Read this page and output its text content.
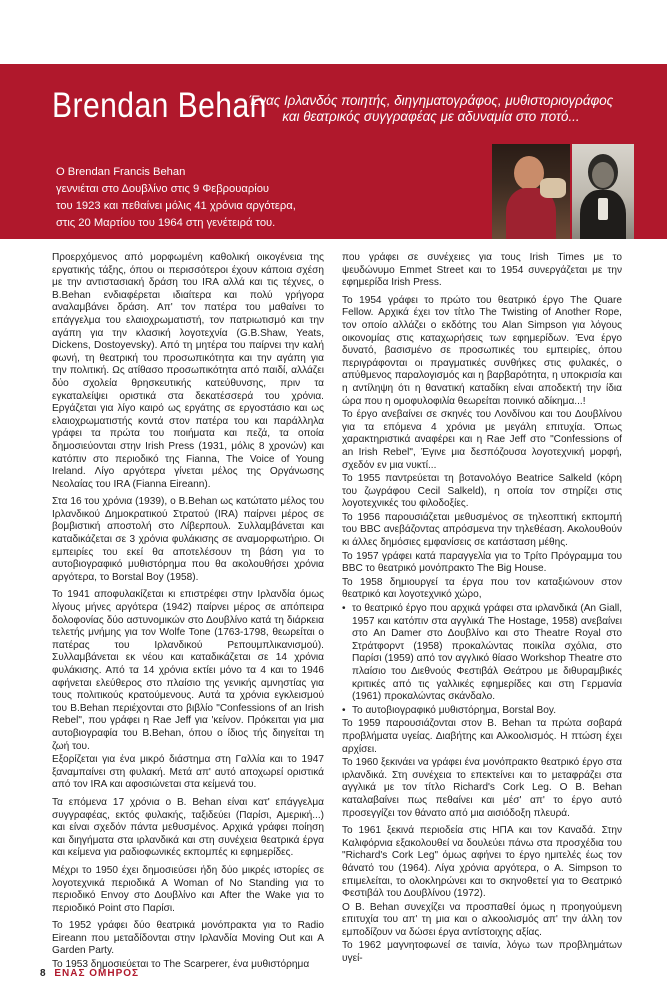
Brendan Behan
Ένας Ιρλανδός ποιητής, διηγηματογράφος, μυθιστοριογράφος
και θεατρικός συγγραφέας με αδυναμία στο ποτό...
Ο Brendan Francis Behan
γεννιέται στο Δουβλίνο στις 9 Φεβρουαρίου
του 1923 και πεθαίνει μόλις 41 χρόνια αργότερα,
στις 20 Μαρτίου του 1964 στη γενέτειρά του.

Προερχόμενος από μορφωμένη καθολική οικογένεια της εργατικής τάξης, όπου οι περισσότεροι έχουν κάποια σχέση με την αντιστασιακή δράση του IRA αλλά και τις τέχνες, ο B.Behan ενδιαφέρεται ιδιαίτερα και πολύ γρήγορα αναλαμβάνει δράση. Απ' τον πατέρα του μαθαίνει το επάγγελμα του ελαιοχρωματιστή, τον πατριωτισμό και την αγάπη για την κλασική λογοτεχνία (G.B.Shaw, Yeats, Dickens, Dostoyevsky). Από τη μητέρα του παίρνει την καλή φωνή, τη θεατρική του προσωπικότητα και την αγάπη για την πολιτική. Ως ατίθασο προσωπικότητα από παιδί, αλλάζει δύο σχολεία θρησκευτικής κατεύθυνσης, πριν τα εγκαταλείψει οριστικά στα δεκατέσσερά του χρόνια. Εργάζεται για λίγο καιρό ως εργάτης σε εργοστάσιο και ως ελαιοχρωματιστής κοντά στον πατέρα του και παράλληλα γράφει τα πρώτα του ποιήματα και πεζά, τα οποία δημοσιεύονται στην Irish Press (1931, μόλις 8 χρονών) και κατόπιν στο περιοδικό της Fianna, The Voice of Young Ireland. Λίγο αργότερα γίνεται μέλος της Οργάνωσης Νεολαίας του IRA (Fianna Eireann).

Στα 16 του χρόνια (1939), ο B.Behan ως κατώτατο μέλος του Ιρλανδικού Δημοκρατικού Στρατού (IRA) παίρνει μέρος σε βομβιστική αποστολή στο Λίβερπουλ. Συλλαμβάνεται και καταδικάζεται σε 3 χρόνια φυλάκισης σε αναμορφωτήριο. Οι εμπειρίες του εκεί θα αποτελέσουν τη βάση για το αυτοβιογραφικό μυθιστόρημα που θα ακολουθήσει χρόνια αργότερα, το Borstal Boy (1958).

Το 1941 αποφυλακίζεται κι επιστρέφει στην Ιρλανδία όμως λίγους μήνες αργότερα (1942) παίρνει μέρος σε απόπειρα δολοφονίας δύο αστυνομικών στο Δουβλίνο κατά τη διάρκεια τελετής μνήμης για τον Wolfe Tone (1763-1798, θεωρείται ο πατέρας του Ιρλανδικού Ρεπουμπλικανισμού). Συλλαμβάνεται εκ νέου και καταδικάζεται σε 14 χρόνια φυλάκισης. Από τα 14 χρόνια εκτίει μόνο τα 4 και το 1946 αφήνεται ελεύθερος στο πλαίσιο της γενικής αμνηστίας για τους πολιτικούς κρατούμενους. Αυτά τα χρόνια εγκλεισμού του B.Behan περιέχονται στο βιβλίο "Confessions of an Irish Rebel", που γράφει η Rae Jeff για 'κείνον. Πρόκειται για μια αυτοβιογραφία του B.Behan, όπου ο ίδιος τής διηγείται τη ζωή του.

Εξορίζεται για ένα μικρό διάστημα στη Γαλλία και το 1947 ξαναμπαίνει στη φυλακή. Μετά απ' αυτό αποχωρεί οριστικά από τον IRA και αφοσιώνεται στα κείμενά του.

Τα επόμενα 17 χρόνια ο B. Behan είναι κατ' επάγγελμα συγγραφέας, εκτός φυλακής, ταξιδεύει (Παρίσι, Αμερική...) και είναι σχεδόν πάντα μεθυσμένος. Αρχικά γράφει ποίηση και διηγήματα στα ιρλανδικά και στη συνέχεια θεατρικά έργα και κείμενα για ραδιοφωνικές εκπομπές κι εφημερίδες.

Μέχρι το 1950 έχει δημοσιεύσει ήδη δύο μικρές ιστορίες σε λογοτεχνικά περιοδικά A Woman of No Standing για το περιοδικό Envoy στο Δουβλίνο και After the Wake για το περιοδικό Point στο Παρίσι.

Το 1952 γράφει δύο θεατρικά μονόπρακτα για το Radio Eireann που μεταδίδονται στην Ιρλανδία Moving Out και A Garden Party.

Το 1953 δημοσιεύεται το The Scarperer, ένα μυθιστόρημα

που γράφει σε συνέχειες για τους Irish Times με το ψευδώνυμο Emmet Street και το 1954 συνεργάζεται με την εφημερίδα Irish Press.

Το 1954 γράφει το πρώτο του θεατρικό έργο The Quare Fellow. Αρχικά έχει τον τίτλο The Twisting of Another Rope, τον οποίο αλλάζει ο εκδότης του Alan Simpson για λόγους οικονομίας στις καταχωρήσεις των εφημερίδων. Ένα έργο δυνατό, βασισμένο σε προσωπικές του εμπειρίες, όπου περιγράφονται οι πραγματικές συνθήκες στις φυλακές, ο απύθμενος παραλογισμός και η βαρβαρότητα, η υποκρισία και η αντίληψη ότι η θανατική καταδίκη είναι αποδεκτή την ίδια ώρα που η ομοφυλοφιλία θεωρείται ποινικό αδίκημα...!

Το έργο ανεβαίνει σε σκηνές του Λονδίνου και του Δουβλίνου για τα επόμενα 4 χρόνια με μεγάλη επιτυχία. Όπως χαρακτηριστικά αναφέρει και η Rae Jeff στο "Confessions of an Irish Rebel", Έγινε μια δεσπόζουσα λογοτεχνική μορφή, σχεδόν εν μια νυκτί...

Το 1955 παντρεύεται τη βοτανολόγο Beatrice Salkeld (κόρη του ζωγράφου Cecil Salkeld), η οποία τον στηρίζει στις λογοτεχνικές του φιλοδοξίες.

Το 1956 παρουσιάζεται μεθυσμένος σε τηλεοπτική εκπομπή του BBC ανεβάζοντας απρόσμενα την τηλεθέαση. Ακολουθούν κι άλλες δημόσιες εμφανίσεις σε κατάσταση μέθης.

Το 1957 γράφει κατά παραγγελία για το Τρίτο Πρόγραμμα του BBC το θεατρικό μονόπρακτο The Big House.

Το 1958 δημιουργεί τα έργα που τον καταξιώνουν στον θεατρικό και λογοτεχνικό χώρο,

• το θεατρικό έργο που αρχικά γράφει στα ιρλανδικά (An Giall, 1957 και κατόπιν στα αγγλικά The Hostage, 1958) ανεβαίνει στο An Damer στο Δουβλίνο και στο Theatre Royal στο Στράτφορντ (1958) προκαλώντας ποικίλα σχόλια, στο Παρίσι (1959) από τον αγγλικό θίασο Workshop Theatre στο πλαίσιο του Διεθνούς Φεστιβάλ Θεάτρου με διθυραμβικές κριτικές από τις γαλλικές εφημερίδες και στη Γερμανία (1961) προκαλώντας σκάνδαλο.

• Το αυτοβιογραφικό μυθιστόρημα, Borstal Boy.

Το 1959 παρουσιάζονται στον B. Behan τα πρώτα σοβαρά προβλήματα υγείας. Διαβήτης και Αλκοολισμός. Η πτώση έχει αρχίσει.

Το 1960 ξεκινάει να γράφει ένα μονόπρακτο θεατρικό έργο στα ιρλανδικά. Στη συνέχεια το επεκτείνει και το μεταφράζει στα αγγλικά με τον τίτλο Richard's Cork Leg. Ο B. Behan καταλαβαίνει πως πεθαίνει και μέσ' απ' το έργο αυτό προσεγγίζει τον θάνατο από μια αισιόδοξη πλευρά.

Το 1961 ξεκινά περιοδεία στις ΗΠΑ και τον Καναδά. Στην Καλιφόρνια εξακολουθεί να δουλεύει πάνω στα προσχέδια του "Richard's Cork Leg" όμως αφήνει το έργο ημιτελές έως τον θάνατό του (1964). Λίγα χρόνια αργότερα, ο A. Simpson το επιμελείται, το ολοκληρώνει και το σκηνοθετεί για το Θεατρικό Φεστιβάλ του Δουβλίνου (1972).

Ο B. Behan συνεχίζει να προσπαθεί όμως η προηγούμενη επιτυχία του απ' τη μια και ο αλκοολισμός απ' την άλλη τον εμποδίζουν να δώσει έργα αντίστοιχης αξίας.

Το 1962 μαγνητοφωνεί σε ταινία, λόγω των προβλημάτων υγεί-

8 ΕΝΑΣ ΟΜΗΡΟΣ
